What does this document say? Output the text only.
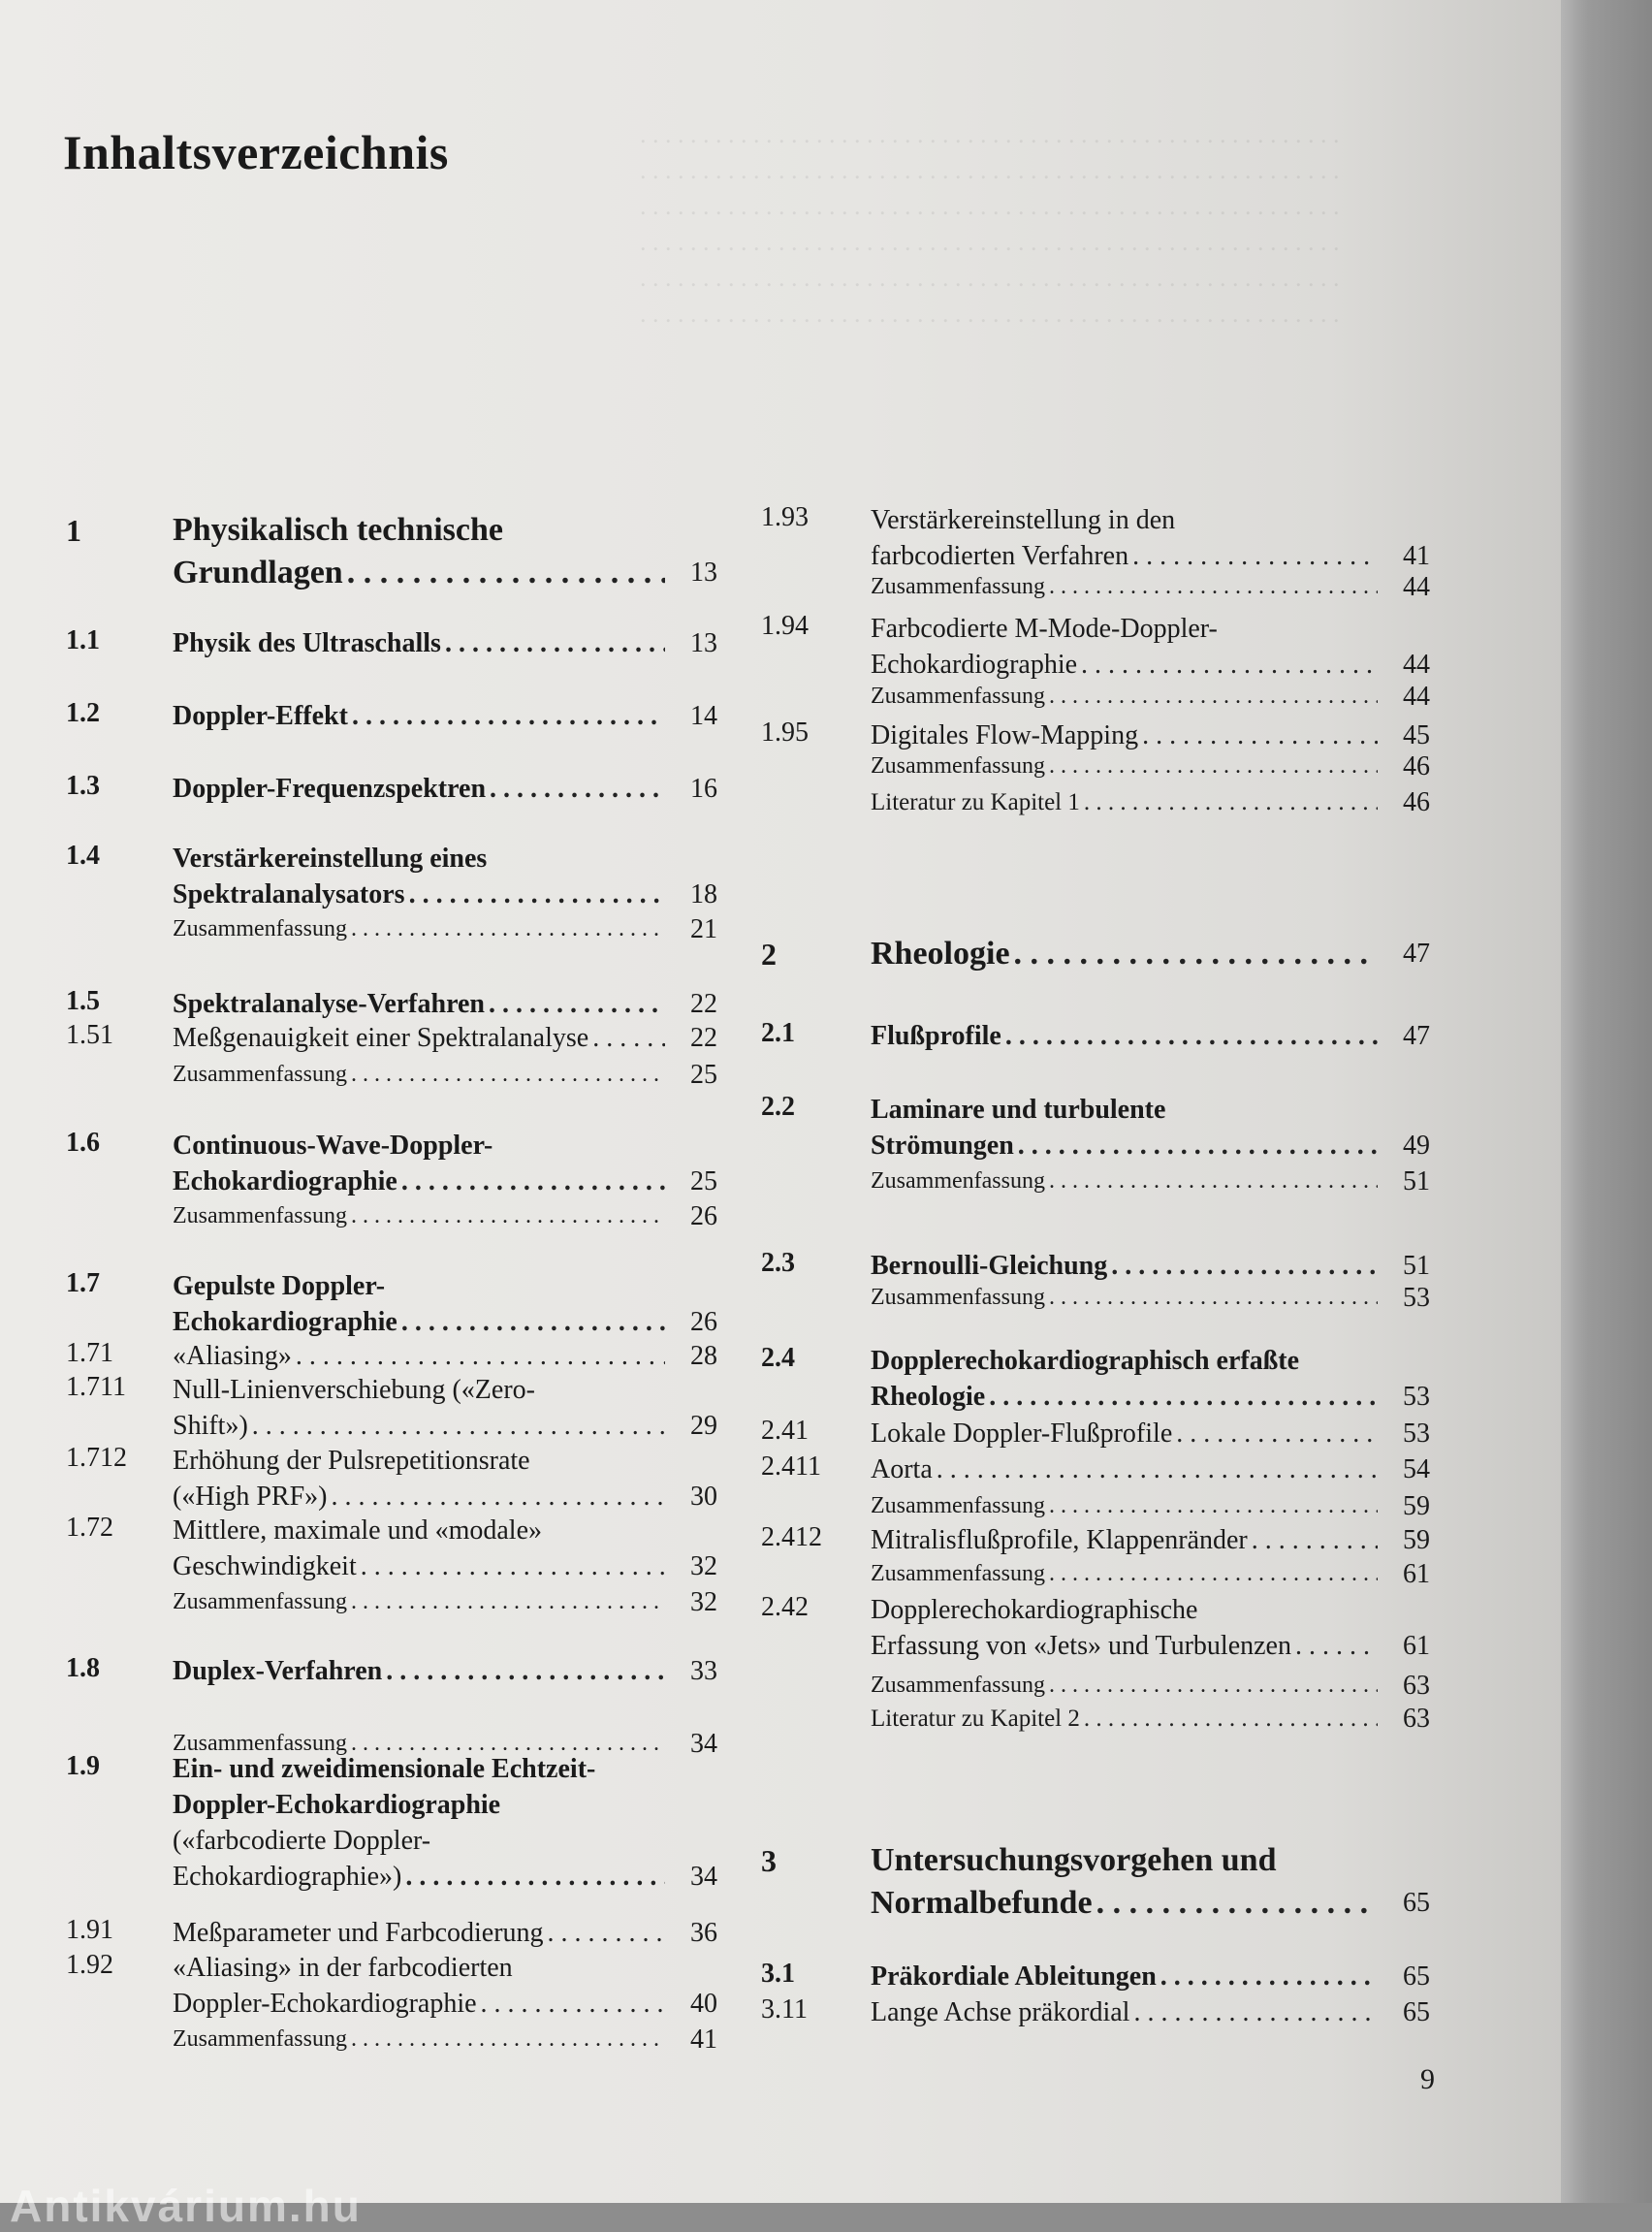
. . . . . . . . . . . . . . . . . . . . . . . . . . . . . . . . . . . . . . . . . . . . . . . . . . . . . . . .
. . . . . . . . . . . . . . . . . . . . . . . . . . . . . . . . . . . . . . . . . . . . . . . . . . . . . . . .
. . . . . . . . . . . . . . . . . . . . . . . . . . . . . . . . . . . . . . . . . . . . . . . . . . . . . . . .
. . . . . . . . . . . . . . . . . . . . . . . . . . . . . . . . . . . . . . . . . . . . . . . . . . . . . . . .
. . . . . . . . . . . . . . . . . . . . . . . . . . . . . . . . . . . . . . . . . . . . . . . . . . . . . . . .
. . . . . . . . . . . . . . . . . . . . . . . . . . . . . . . . . . . . . . . . . . . . . . . . . . . . . . . .
Inhaltsverzeichnis
1	Physikalisch technische
Grundlagen . . .	13
1.1	Physik des Ultraschalls . . .	13
1.2	Doppler-Effekt . . .	14
1.3	Doppler-Frequenzspektren . . .	16
1.4	Verstärkereinstellung eines
Spektralanalysators . . .	18
Zusammenfassung . . .	21
1.5	Spektralanalyse-Verfahren . . .	22
1.51 Meßgenauigkeit einer Spektralanalyse . . .	22
Zusammenfassung . . .	25
1.6	Continuous-Wave-Doppler-
Echokardiographie . . .	25
Zusammenfassung . . .	26
1.7	Gepulste Doppler-
Echokardiographie . . .	26
1.71 «Aliasing» . . .	28
1.711 Null-Linienverschiebung («Zero-
Shift») . . .	29
1.712 Erhöhung der Pulsrepetitionsrate
(«High PRF») . . .	30
1.72 Mittlere, maximale und «modale»
Geschwindigkeit . . .	32
Zusammenfassung . . .	32
1.8	Duplex-Verfahren . . .	33
Zusammenfassung . . .	34
1.9	Ein- und zweidimensionale Echtzeit-
Doppler-Echokardiographie
(«farbcodierte Doppler-
Echokardiographie») . . .	34
1.91 Meßparameter und Farbcodierung . . .	36
1.92 «Aliasing» in der farbcodierten
Doppler-Echokardiographie . . .	40
Zusammenfassung . . .	41
1.93 Verstärkereinstellung in den
farbcodierten Verfahren . . .	41
Zusammenfassung . . .	44
1.94 Farbcodierte M-Mode-Doppler-
Echokardiographie . . .	44
Zusammenfassung . . .	44
1.95 Digitales Flow-Mapping . . .	45
Zusammenfassung . . .	46
Literatur zu Kapitel 1 . . .	46
2	Rheologie . . .	47
2.1	Flußprofile . . .	47
2.2	Laminare und turbulente
Strömungen . . .	49
Zusammenfassung . . .	51
2.3	Bernoulli-Gleichung . . .	51
Zusammenfassung . . .	53
2.4	Dopplerechokardiographisch erfaßte
Rheologie . . .	53
2.41 Lokale Doppler-Flußprofile . . .	53
2.411 Aorta . . .	54
Zusammenfassung . . .	59
2.412 Mitralisflußprofile, Klappenränder . . .	59
Zusammenfassung . . .	61
2.42 Dopplerechokardiographische
Erfassung von «Jets» und Turbulenzen . . .	61
Zusammenfassung . . .	63
Literatur zu Kapitel 2 . . .	63
3	Untersuchungsvorgehen und
Normalbefunde . . .	65
3.1	Präkordiale Ableitungen . . .	65
3.11 Lange Achse präkordial . . .	65
9
Antikvárium.hu
